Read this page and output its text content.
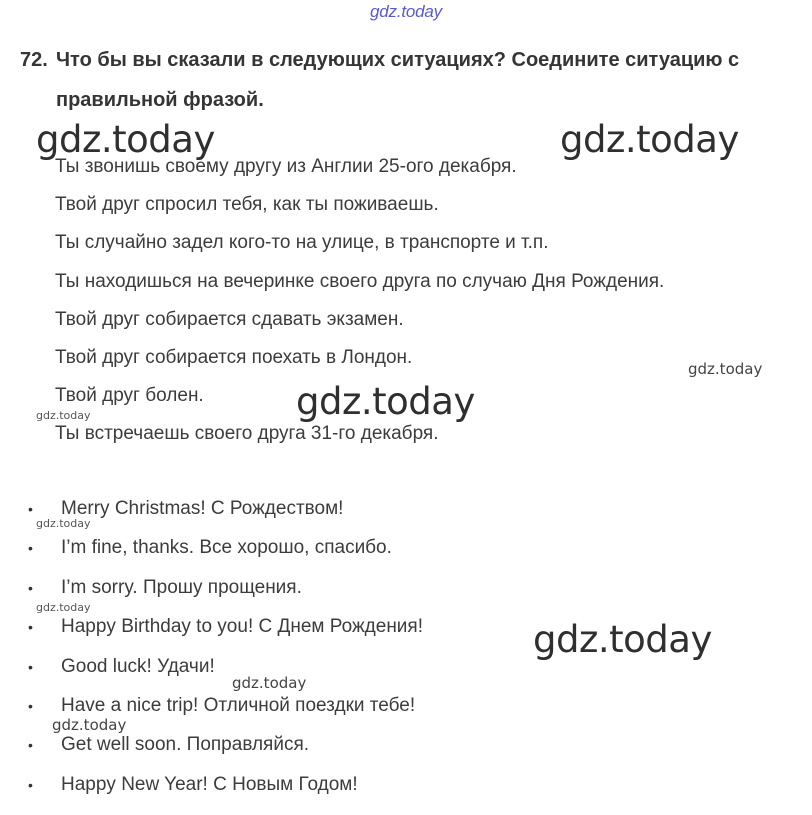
gdz.today
72. Что бы вы сказали в следующих ситуациях? Соедините ситуацию с
правильной фразой.
Ты звонишь своему другу из Англии 25-ого декабря.
Твой друг спросил тебя, как ты поживаешь.
Ты случайно задел кого-то на улице, в транспорте и т.п.
Ты находишься на вечеринке своего друга по случаю Дня Рождения.
Твой друг собирается сдавать экзамен.
Твой друг собирается поехать в Лондон.
Твой друг болен.
Ты встречаешь своего друга 31-го декабря.
• Merry Christmas! С Рождеством!
• I’m fine, thanks. Все хорошо, спасибо.
• I’m sorry. Прошу прощения.
• Happy Birthday to you! С Днем Рождения!
• Good luck! Удачи!
• Have a nice trip! Отличной поездки тебе!
• Get well soon. Поправляйся.
• Happy New Year! С Новым Годом!
gdz.today	gdz.today
gdz.today
gdz.today
gdz.today
gdz.today
gdz.today
gdz.today
gdz.today
gdz.today
